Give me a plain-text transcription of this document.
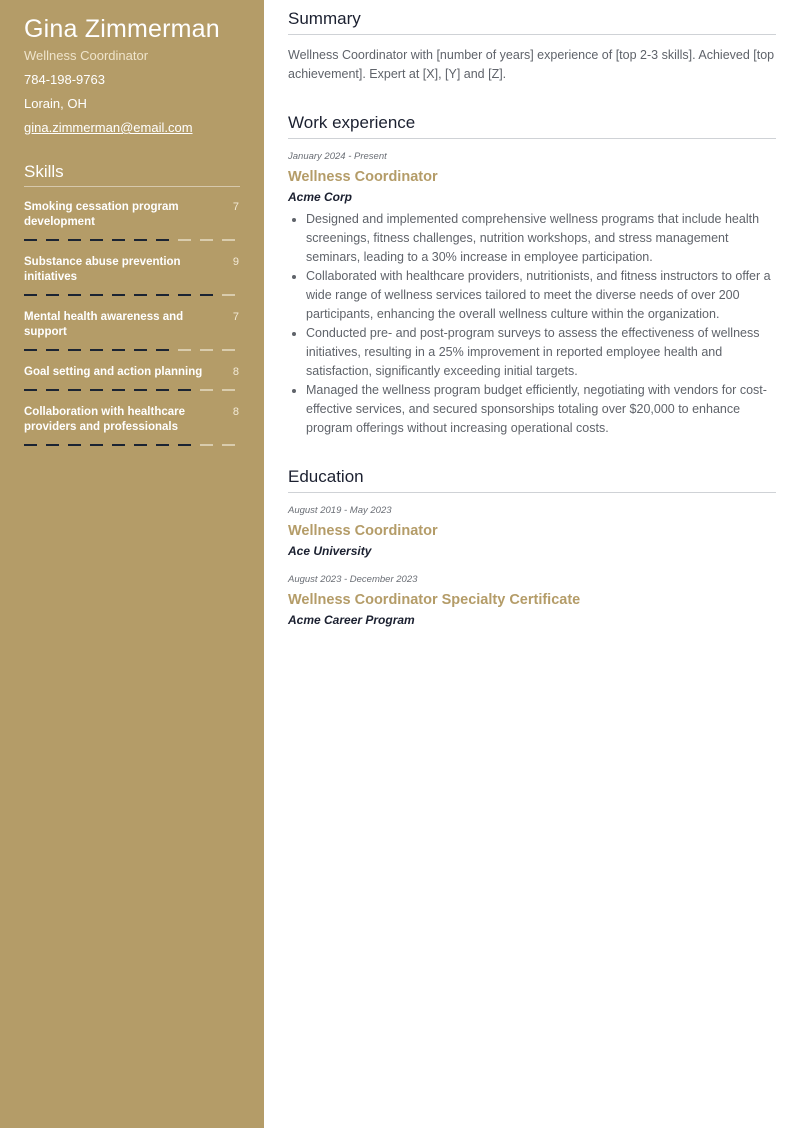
Gina Zimmerman
Wellness Coordinator
784-198-9763
Lorain, OH
gina.zimmerman@email.com
Skills
Smoking cessation program development
7
Substance abuse prevention initiatives
9
Mental health awareness and support
7
Goal setting and action planning	8
Collaboration with healthcare providers and professionals
8
Summary

Wellness Coordinator with [number of years] experience of [top 2-3 skills]. Achieved [top achievement]. Expert at [X], [Y] and [Z].

Work experience
January 2024 - Present
Wellness Coordinator
Acme Corp
• Designed and implemented comprehensive wellness programs that include health screenings, fitness challenges, nutrition workshops, and stress management seminars, leading to a 30% increase in employee participation.
• Collaborated with healthcare providers, nutritionists, and fitness instructors to offer a wide range of wellness services tailored to meet the diverse needs of over 200 participants, enhancing the overall wellness culture within the organization.
• Conducted pre- and post-program surveys to assess the effectiveness of wellness initiatives, resulting in a 25% improvement in reported employee health and satisfaction, significantly exceeding initial targets.
• Managed the wellness program budget efficiently, negotiating with vendors for cost-effective services, and secured sponsorships totaling over $20,000 to enhance program offerings without increasing operational costs.
Education
August 2019 - May 2023
Wellness Coordinator
Ace University
August 2023 - December 2023
Wellness Coordinator Specialty Certificate
Acme Career Program
